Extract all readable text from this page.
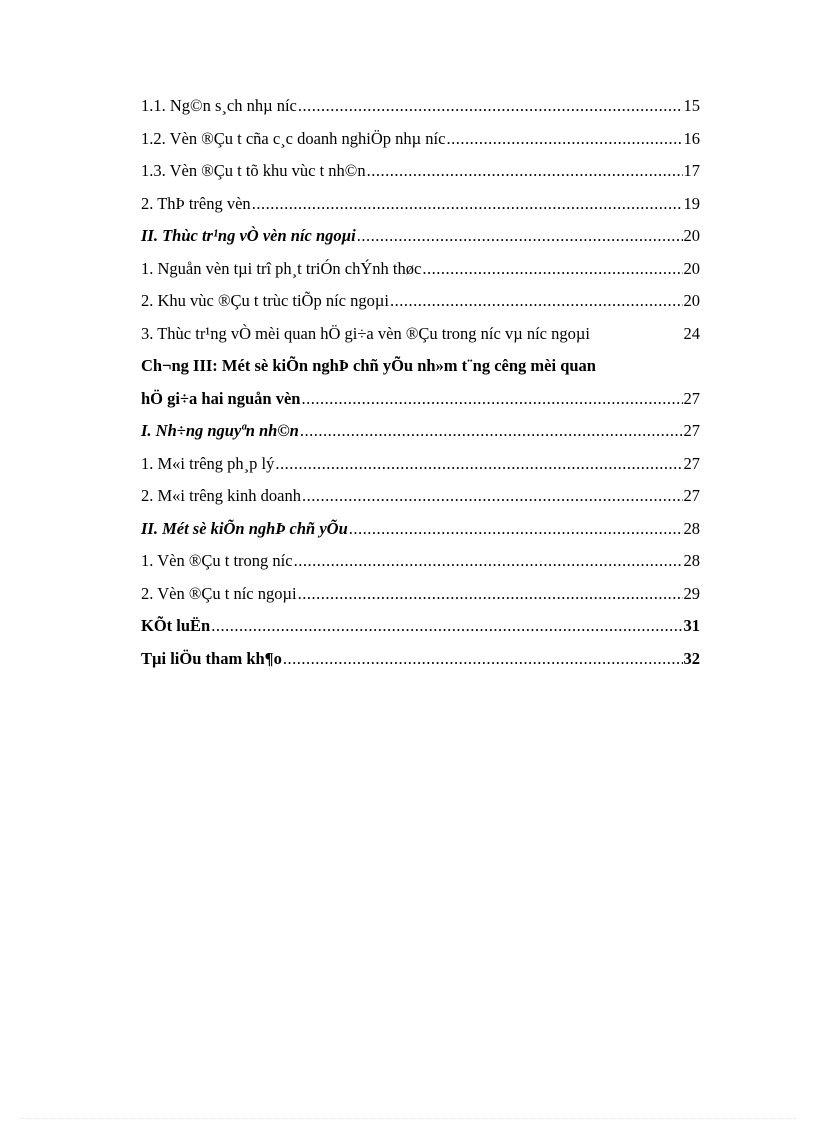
1.1. Ng©n s¸ch nhµ níc .....	15
1.2. Vèn ®Çu t cña c¸c doanh nghiÖp nhµ níc .....	16
1.3. Vèn ®Çu t tõ khu vùc t nh©n .....	17
2. ThÞ trêng vèn .....	19
II. Thùc tr¹ng vÒ vèn níc ngoµi .....	20
1. Nguån vèn tµi trî ph¸t triÓn chÝnh thøc .....	20
2. Khu vùc ®Çu t trùc tiÕp níc ngoµi .....	20
3. Thùc tr¹ng vÒ mèi quan hÖ gi÷a vèn ®Çu trong níc vµ níc ngoµi	24
Ch¬ng III: Mét sè kiÕn nghÞ chñ yÕu nh»m t¨ng cêng mèi quan
hÖ gi÷a hai nguån vèn .....	27
I. Nh÷ng nguyªn nh©n .....	27
1. M«i trêng ph¸p lý .....	27
2. M«i trêng kinh doanh .....	27
II. Mét sè kiÕn nghÞ chñ yÕu .....	28
1. Vèn ®Çu t trong níc .....	28
2. Vèn ®Çu t níc ngoµi .....	29
KÕt luËn .....	31
Tµi liÖu tham kh¶o .....	32
